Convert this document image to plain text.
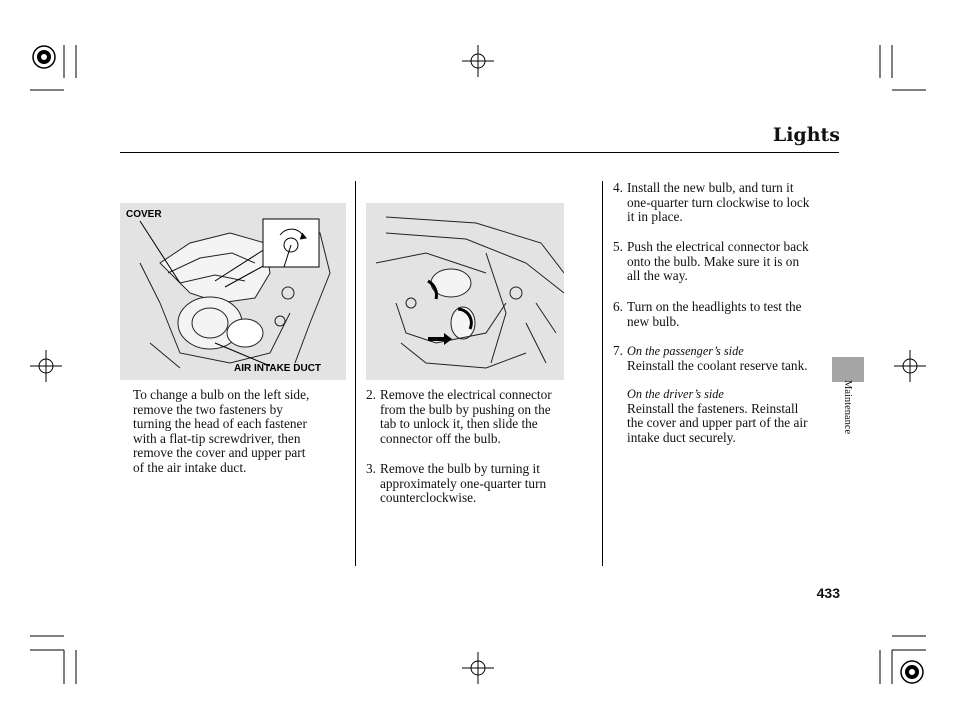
Lights
COVER
AIR INTAKE DUCT
To change a bulb on the left side,
remove the two fasteners by
turning the head of each fastener
with a flat-tip screwdriver, then
remove the cover and upper part
of the air intake duct.
2. Remove the electrical connector
from the bulb by pushing on the
tab to unlock it, then slide the
connector off the bulb.
3. Remove the bulb by turning it
approximately one-quarter turn
counterclockwise.
4. Install the new bulb, and turn it
one-quarter turn clockwise to lock
it in place.
5. Push the electrical connector back
onto the bulb. Make sure it is on
all the way.
6. Turn on the headlights to test the
new bulb.
7. On the passenger’s side
Reinstall the coolant reserve tank.
On the driver’s side
Reinstall the fasteners. Reinstall
the cover and upper part of the air
intake duct securely.
Maintenance
433
